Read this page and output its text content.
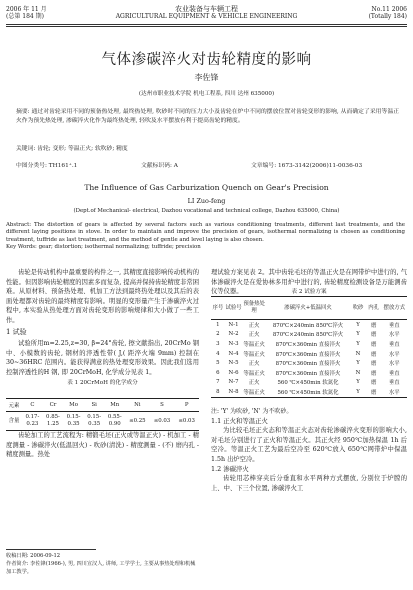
2006 年 11 月
(总第 184 期)
农业装备与车辆工程
AGRICULTURAL EQUIPMENT & VEHICLE ENGINEERING
No.11 2006
(Totally 184)
气体渗碳淬火对齿轮精度的影响
李佐锋
(达州市职业技术学院 机电工程系, 四川 达州 635000)
摘要: 通过对齿轮采用不同的预备热处理, 最终热处理, 吹砂时不同的压力大小及齿轮在炉中不同的摆放位置对齿轮变形的影响, 从而确定了采用等温正火作为预先热处理, 渗碳淬火化作为最终热处理, 轻吹及水平摆放有利于提高齿轮的精度。
关键词: 齿轮; 变形; 等温正火; 软吹砂; 精度
中图分类号: TH161⁺.1	文献标识码: A	文章编号: 1673-3142(2006)11-0036-03
The Influence of Gas Carburization Quench on Gear's Precision
LI Zuo-feng
(Dept.of Mechanical- electrical, Dazhou vocational and technical college, Dazhou 635000, China)
Abstract: The distortion of gears is affected by several factors such as various conditioning treatments, different last treatments, and the different laying positions in stove. In order to maintain and improve the precision of gears, isothermal normalizing is chosen as conditioning treatment, tuffride as last treatment, and the method of gentle and level laying is also chosen.
Key Words: gear; distortion; isothermal normalizing; tuffride; precision

齿轮是传动机构中最重要的构件之一, 其精度直接影响传动机构的性能。但因影响齿轮精度的因素多而复杂, 提高并保持齿轮精度非常困难。从原材料、预备热处理、机加工方法到最终热处理以及其后的表面处理都对齿轮的最终精度有影响。明显的变形量产生于渗碳淬火过程中, 本实验从热处理方面对齿轮变形的影响规律和大小做了一些工作。

1 试验

试验所用m=2.25,z=30, β=24°齿轮, 擦文献指出, 20CrMo 钢中、小模数的齿轮, 钢材的淬透性带( J,( 距淬火端 9mm) 控制在 30~36HRC 范围内。能获得满意的热处理变形效果。因此我们选用控制淬透性的H 钢, 即 20CrMoH, 化学成分见表 1。

表 1 20CrMoH 的化学成分
元素	C	Cr	Mo	Si	Mn	Ni	S	P
含量	0.17-
0.23	0.85-
1.25	0.15-
0.35	0.15-
0.35	0.55-
0.90	≤0.25	≤0.03	≤0.03

齿轮加工的工艺流程为: 精锻毛坯(正火或等温正火) - 机加工 - 精度测量 - 渗碳淬火(低温回火) - 吹砂(清洗) - 精度测量 - (不) 磨内孔 - 精度测量。热处

收稿日期: 2006-09-12
作者简介: 李佐锋(1966-), 男, 四川宣汉人, 讲师, 工学学士, 主要从事热处理和机械加工教学。

理试验方案见表 2。其中齿轮毛坯的等温正火是在网带炉中进行的, 气体渗碳淬火是在爱协林多用炉中进行的, 齿轮精度检测设备是万能测齿仪等仪器。	表 2 试验方案
序号	试验号	预备热处理	渗碳淬火+低温回火	吹砂	内孔	摆放方式
1	N-1	正火	870℃×240min 850℃淬火	Y	磨	垂直
2	N-2	正火	870℃×240min 850℃淬火	Y	磨	水平
3	N-3	等温正火	870℃×360min 直接淬火	Y	磨	垂直
4	N-4	等温正火	870℃×360min 直接淬火	N	磨	水平
5	N-5	正火	870℃×360min 直接淬火	Y	磨	水平
6	N-6	等温正火	870℃×360min 直接淬火	N	磨	垂直
7	N-7	正火	560 ℃×450min 软氮化	Y	磨	垂直
8	N-8	等温正火	560 ℃×450min 软氮化	Y	磨	水平
注: 'Y' 为吹砂, 'N' 为不吹砂。

1.1 正火和等温正火

为比较毛坯正火态和等温正火态对齿轮渗碳淬火变形的影响大小, 对毛坯分别进行了正火和等温正火。其正火经 950℃加热保温 1h 后空冷。等温正火工艺为最后空冷至 620℃放入 650℃网带炉中保温 1.5h 出炉空冷。

1.2 渗碳淬火

齿轮用芯棒穿夹后分垂直和水平两种方式摆放, 分别位于炉膛的上、中、下三个位置, 渗碳淬火工
